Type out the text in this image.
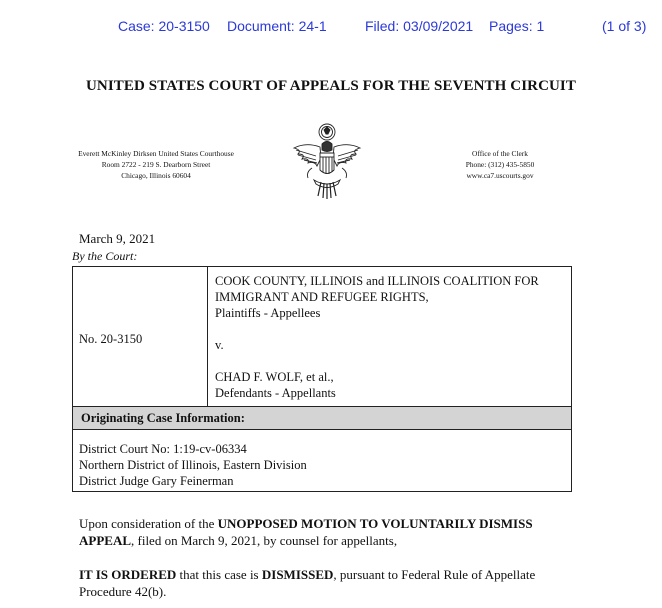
Case: 20-3150 Document: 24-1	Filed: 03/09/2021 Pages: 1	(1 of 3)
UNITED STATES COURT OF APPEALS FOR THE SEVENTH CIRCUIT
Everett McKinley Dirksen United States Courthouse
Room 2722 - 219 S. Dearborn Street
Chicago, Illinois 60604
Office of the Clerk
Phone: (312) 435-5850
www.ca7.uscourts.gov
March 9, 2021
By the Court:
No. 20-3150
COOK COUNTY, ILLINOIS and ILLINOIS COALITION FOR
IMMIGRANT AND REFUGEE RIGHTS,
Plaintiffs - Appellees
v.
CHAD F. WOLF, et al.,
Defendants - Appellants
Originating Case Information:
District Court No: 1:19-cv-06334
Northern District of Illinois, Eastern Division
District Judge Gary Feinerman
Upon consideration of the UNOPPOSED MOTION TO VOLUNTARILY DISMISS APPEAL, filed on March 9, 2021, by counsel for appellants,
IT IS ORDERED that this case is DISMISSED, pursuant to Federal Rule of Appellate Procedure 42(b).
